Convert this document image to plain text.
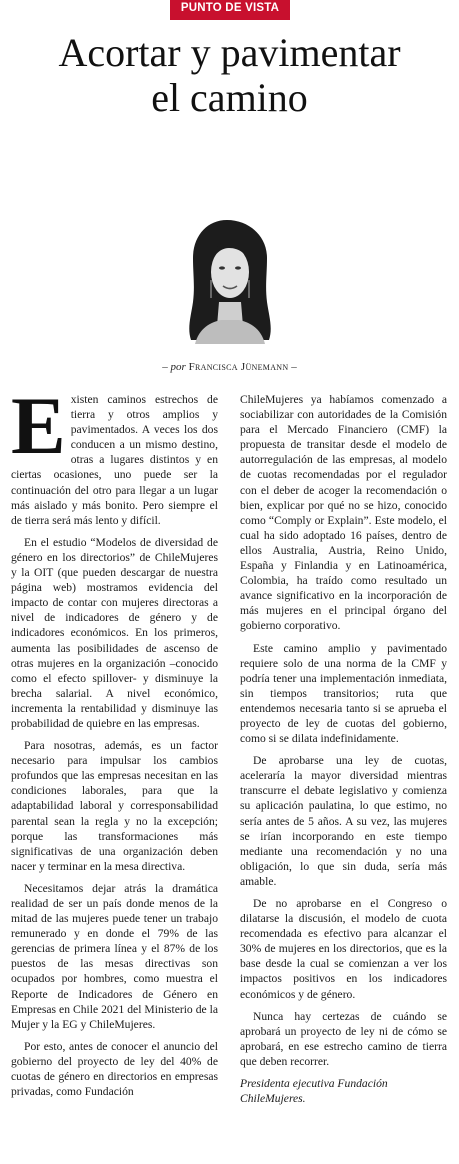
PUNTO DE VISTA
Acortar y pavimentar
el camino
– por Francisca Jünemann –

Existen caminos estrechos de tierra y otros amplios y pavimentados. A veces los dos conducen a un mismo destino, otras a lugares distintos y en ciertas ocasiones, uno puede ser la continuación del otro para llegar a un lugar más aislado y más bonito. Pero siempre el de tierra será más lento y difícil.

En el estudio “Modelos de diversidad de género en los directorios” de ChileMujeres y la OIT (que pueden descargar de nuestra página web) mostramos evidencia del impacto de contar con mujeres directoras a nivel de indicadores de género y de indicadores económicos. En los primeros, aumenta las posibilidades de ascenso de otras mujeres en la organización –conocido como el efecto spillover- y disminuye la brecha salarial. A nivel económico, incrementa la rentabilidad y disminuye las probabilidad de quiebre en las empresas.

Para nosotras, además, es un factor necesario para impulsar los cambios profundos que las empresas necesitan en las condiciones laborales, para que la adaptabilidad laboral y corresponsabilidad parental sean la regla y no la excepción; porque las transformaciones más significativas de una organización deben nacer y terminar en la mesa directiva.

Necesitamos dejar atrás la dramática realidad de ser un país donde menos de la mitad de las mujeres puede tener un trabajo remunerado y en donde el 79% de las gerencias de primera línea y el 87% de los puestos de las mesas directivas son ocupados por hombres, como muestra el Reporte de Indicadores de Género en Empresas en Chile 2021 del Ministerio de la Mujer y la EG y ChileMujeres.

Por esto, antes de conocer el anuncio del gobierno del proyecto de ley del 40% de cuotas de género en directorios en empresas privadas, como Fundación

ChileMujeres ya habíamos comenzado a sociabilizar con autoridades de la Comisión para el Mercado Financiero (CMF) la propuesta de transitar desde el modelo de autorregulación de las empresas, al modelo de cuotas recomendadas por el regulador con el deber de acoger la recomendación o bien, explicar por qué no se hizo, conocido como “Comply or Explain”. Este modelo, el cual ha sido adoptado 16 países, dentro de ellos Australia, Austria, Reino Unido, España y Finlandia y en Latinoamérica, Colombia, ha traído como resultado un avance significativo en la incorporación de más mujeres en el principal órgano del gobierno corporativo.

Este camino amplio y pavimentado requiere solo de una norma de la CMF y podría tener una implementación inmediata, sin tiempos transitorios; ruta que entendemos necesaria tanto si se aprueba el proyecto de ley de cuotas del gobierno, como si se dilata indefinidamente.

De aprobarse una ley de cuotas, aceleraría la mayor diversidad mientras transcurre el debate legislativo y comienza su aplicación paulatina, lo que estimo, no sería antes de 5 años. A su vez, las mujeres se irían incorporando en este tiempo mediante una recomendación y no una obligación, lo que sin duda, sería más amable.

De no aprobarse en el Congreso o dilatarse la discusión, el modelo de cuota recomendada es efectivo para alcanzar el 30% de mujeres en los directorios, que es la base desde la cual se comienzan a ver los impactos positivos en los indicadores económicos y de género.

Nunca hay certezas de cuándo se aprobará un proyecto de ley ni de cómo se aprobará, en ese estrecho camino de tierra que deben recorrer.

Presidenta ejecutiva Fundación ChileMujeres.
